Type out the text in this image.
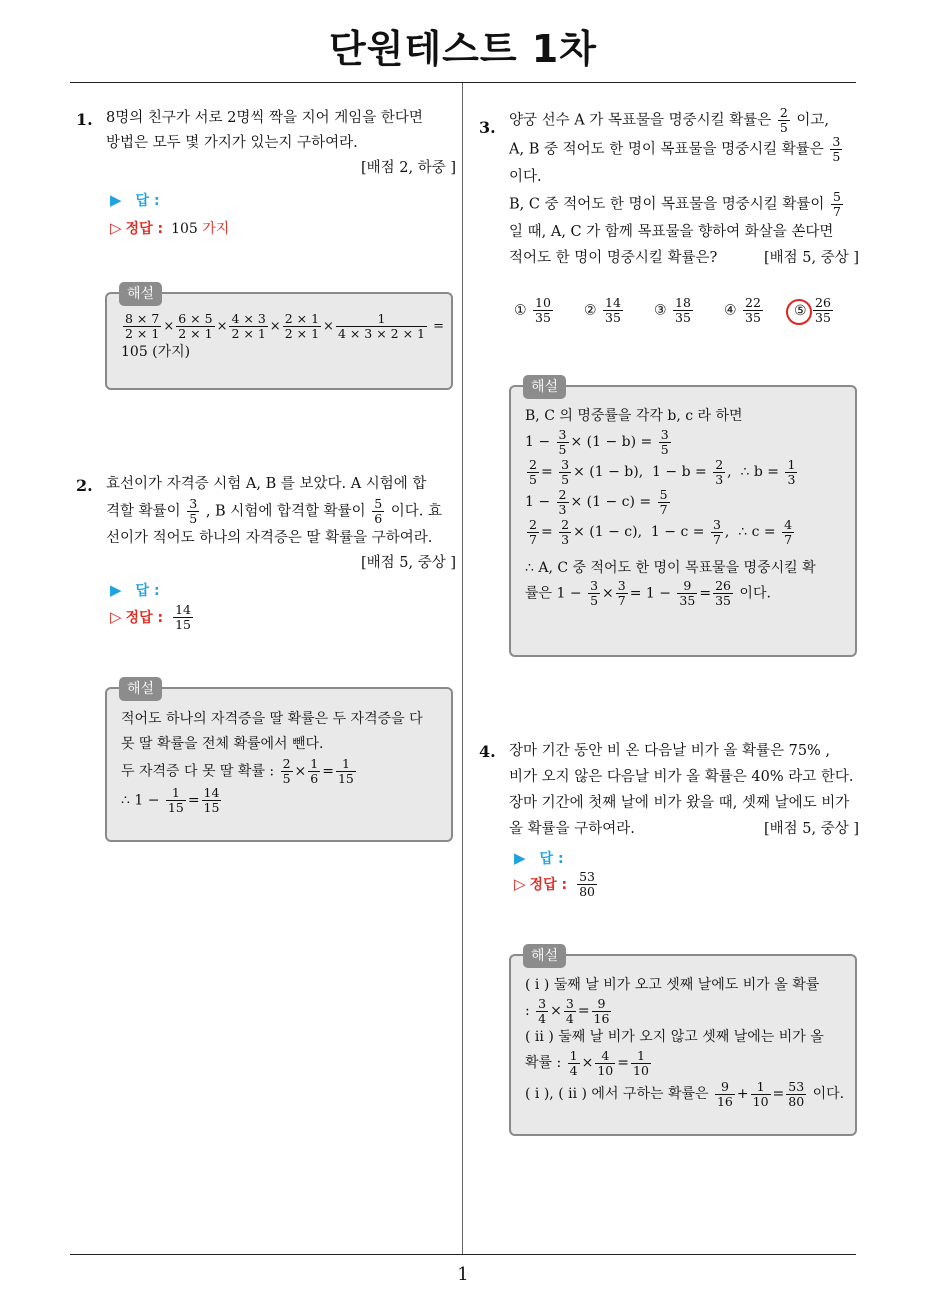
단원테스트 1차
1
1. 8명의 친구가 서로 2명씩 짝을 지어 게임을 한다면
방법은 모두 몇 가지가 있는지 구하여라.
[배점 2, 하중 ]
▶ 답 :
▷ 정답 : 105 가지
해설
$\frac{8 \times 7}{2 \times 1} \times \frac{6 \times 5}{2 \times 1} \times \frac{4 \times 3}{2 \times 1} \times \frac{2 \times 1}{2 \times 1} \times \frac{1}{4 \times 3 \times 2 \times 1}$ =
105 (가지)
2. 효선이가 자격증 시험 A, B 를 보았다. A 시험에 합
격할 확률이 $\frac{3}{5}$ , B 시험에 합격할 확률이 $\frac{5}{6}$ 이다. 효
선이가 적어도 하나의 자격증은 딸 확률을 구하여라.
[배점 5, 중상 ]
▶ 답 :
▷ 정답 : $\frac{14}{15}$
해설
적어도 하나의 자격증을 딸 확률은 두 자격증을 다
못 딸 확률을 전체 확률에서 뺀다.
두 자격증 다 못 딸 확률 : $\frac{2}{5} \times \frac{1}{6} = \frac{1}{15}$
∴ $1 - \frac{1}{15} = \frac{14}{15}$
3. 양궁 선수 A 가 목표물을 명중시킬 확률은 $\frac{2}{5}$ 이고,
A, B 중 적어도 한 명이 목표물을 명중시킬 확률은 $\frac{3}{5}$
이다.
B, C 중 적어도 한 명이 목표물을 명중시킬 확률이 $\frac{5}{7}$
일 때, A, C 가 함께 목표물을 향하여 화살을 쏜다면
적어도 한 명이 명중시킬 확률은?	[배점 5, 중상 ]
① $\frac{10}{35}$ ② $\frac{14}{35}$ ③ $\frac{18}{35}$ ④ $\frac{22}{35}$ ⑤ $\frac{26}{35}$
해설
B, C 의 명중률을 각각 b, c 라 하면
$1 - \frac{3}{5} \times (1 - b) = \frac{3}{5}$
$\frac{2}{5} = \frac{3}{5} \times (1 - b)$,  $1 - b = \frac{2}{3}$ ,  ∴ $b = \frac{1}{3}$
$1 - \frac{2}{3} \times (1 - c) = \frac{5}{7}$
$\frac{2}{7} = \frac{2}{3} \times (1 - c)$,  $1 - c = \frac{3}{7}$ ,  ∴ $c = \frac{4}{7}$
∴ A, C 중 적어도 한 명이 목표물을 명중시킬 확
률은 $1 - \frac{3}{5} \times \frac{3}{7} = 1 - \frac{9}{35} = \frac{26}{35}$ 이다.
4. 장마 기간 동안 비 온 다음날 비가 올 확률은 75% ,
비가 오지 않은 다음날 비가 올 확률은 40% 라고 한다.
장마 기간에 첫째 날에 비가 왔을 때, 셋째 날에도 비가
올 확률을 구하여라.	[배점 5, 중상 ]
▶ 답 :
▷ 정답 : $\frac{53}{80}$
해설
( i ) 둘째 날 비가 오고 셋째 날에도 비가 올 확률
: $\frac{3}{4} \times \frac{3}{4} = \frac{9}{16}$
( ii ) 둘째 날 비가 오지 않고 셋째 날에는 비가 올
확률 : $\frac{1}{4} \times \frac{4}{10} = \frac{1}{10}$
( i ), ( ii ) 에서 구하는 확률은 $\frac{9}{16} + \frac{1}{10} = \frac{53}{80}$ 이다.
